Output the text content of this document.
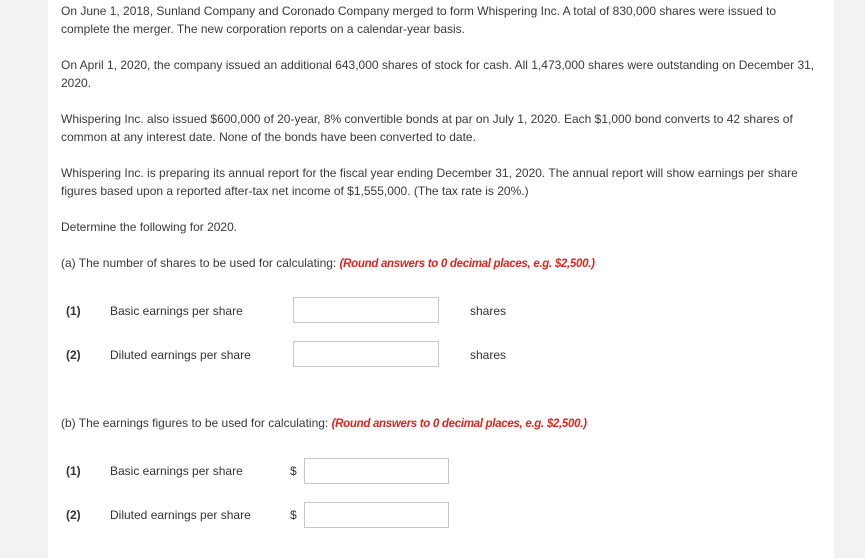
On June 1, 2018, Sunland Company and Coronado Company merged to form Whispering Inc. A total of 830,000 shares were issued to complete the merger. The new corporation reports on a calendar-year basis.
On April 1, 2020, the company issued an additional 643,000 shares of stock for cash. All 1,473,000 shares were outstanding on December 31, 2020.
Whispering Inc. also issued $600,000 of 20-year, 8% convertible bonds at par on July 1, 2020. Each $1,000 bond converts to 42 shares of common at any interest date. None of the bonds have been converted to date.
Whispering Inc. is preparing its annual report for the fiscal year ending December 31, 2020. The annual report will show earnings per share figures based upon a reported after-tax net income of $1,555,000. (The tax rate is 20%.)
Determine the following for 2020.
(a) The number of shares to be used for calculating: (Round answers to 0 decimal places, e.g. $2,500.)
(1) Basic earnings per share	shares
(2) Diluted earnings per share	shares
(b) The earnings figures to be used for calculating: (Round answers to 0 decimal places, e.g. $2,500.)
(1) Basic earnings per share	$
(2) Diluted earnings per share	$
